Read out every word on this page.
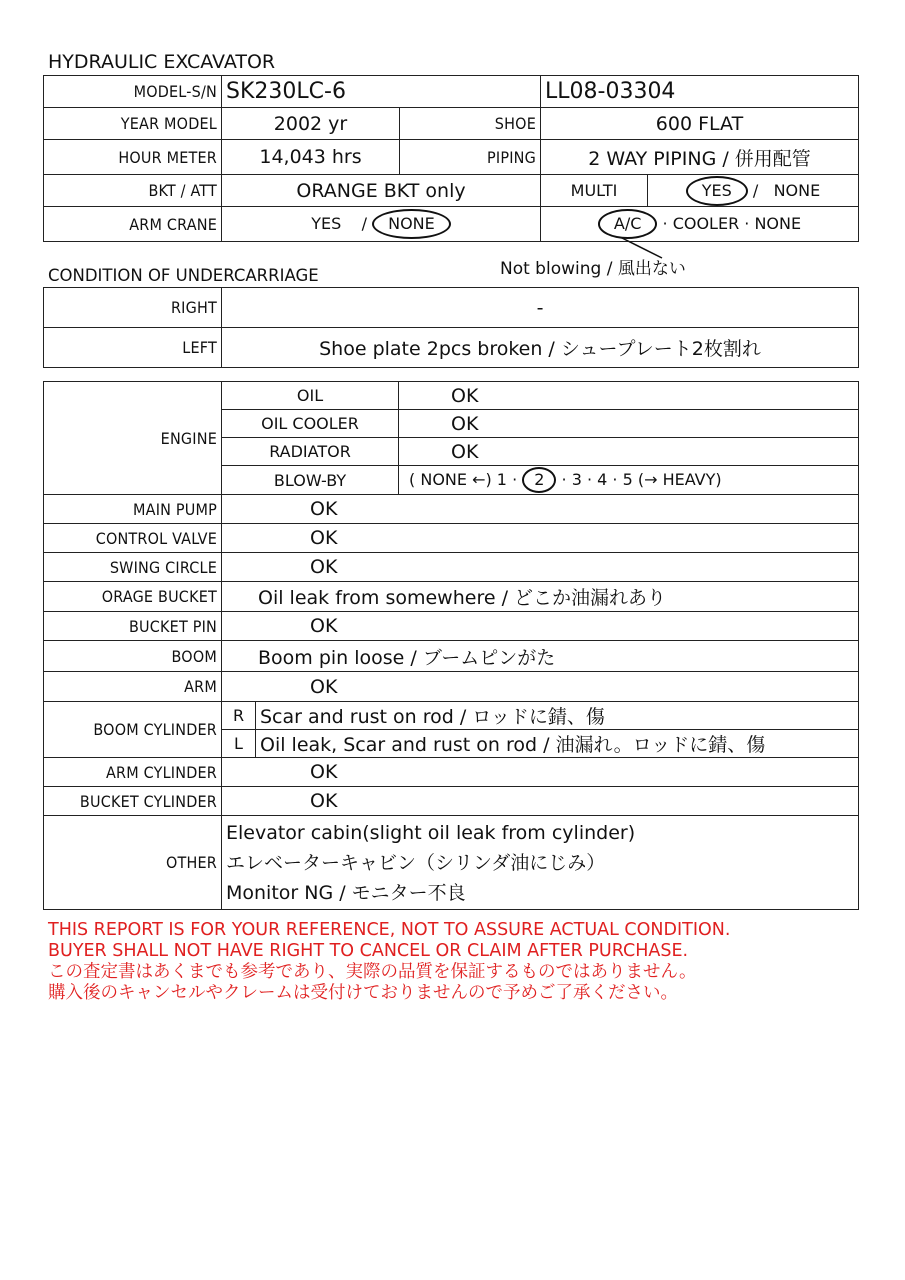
HYDRAULIC EXCAVATOR
MODEL-S/N	SK230LC-6		LL08-03304	
YEAR MODEL	2002 yr	SHOE	600 FLAT	
HOUR METER	14,043 hrs	PIPING	2 WAY PIPING / 併用配管	
BKT / ATT	ORANGE BKT only		MULTI	YES / NONE
ARM CRANE	YES / NONE		A/C · COOLER · NONE	
Not blowing / 風出ない
CONDITION OF UNDERCARRIAGE
RIGHT	-
LEFT	Shoe plate 2pcs broken / シュープレート2枚割れ
ENGINE	OIL		OK
	OIL COOLER		OK
	RADIATOR		OK
	BLOW-BY		( NONE ←) 1 · 2 · 3 · 4 · 5 (→ HEAVY)
MAIN PUMP	OK		
CONTROL VALVE	OK		
SWING CIRCLE	OK		
ORAGE BUCKET	Oil leak from somewhere / どこか油漏れあり		
BUCKET PIN	OK		
BOOM	Boom pin loose / ブームピンがた		
ARM	OK		
BOOM CYLINDER	R	Scar and rust on rod / ロッドに錆、傷	
	L	Oil leak, Scar and rust on rod / 油漏れ。ロッドに錆、傷	
ARM CYLINDER	OK		
BUCKET CYLINDER	OK		
OTHER	Elevator cabin(slight oil leak from cylinder)
エレベーターキャビン（シリンダ油にじみ）
Monitor NG / モニター不良		
THIS REPORT IS FOR YOUR REFERENCE, NOT TO ASSURE ACTUAL CONDITION.
BUYER SHALL NOT HAVE RIGHT TO CANCEL OR CLAIM AFTER PURCHASE.
この査定書はあくまでも参考であり、実際の品質を保証するものではありません。
購入後のキャンセルやクレームは受付けておりませんので予めご了承ください。
